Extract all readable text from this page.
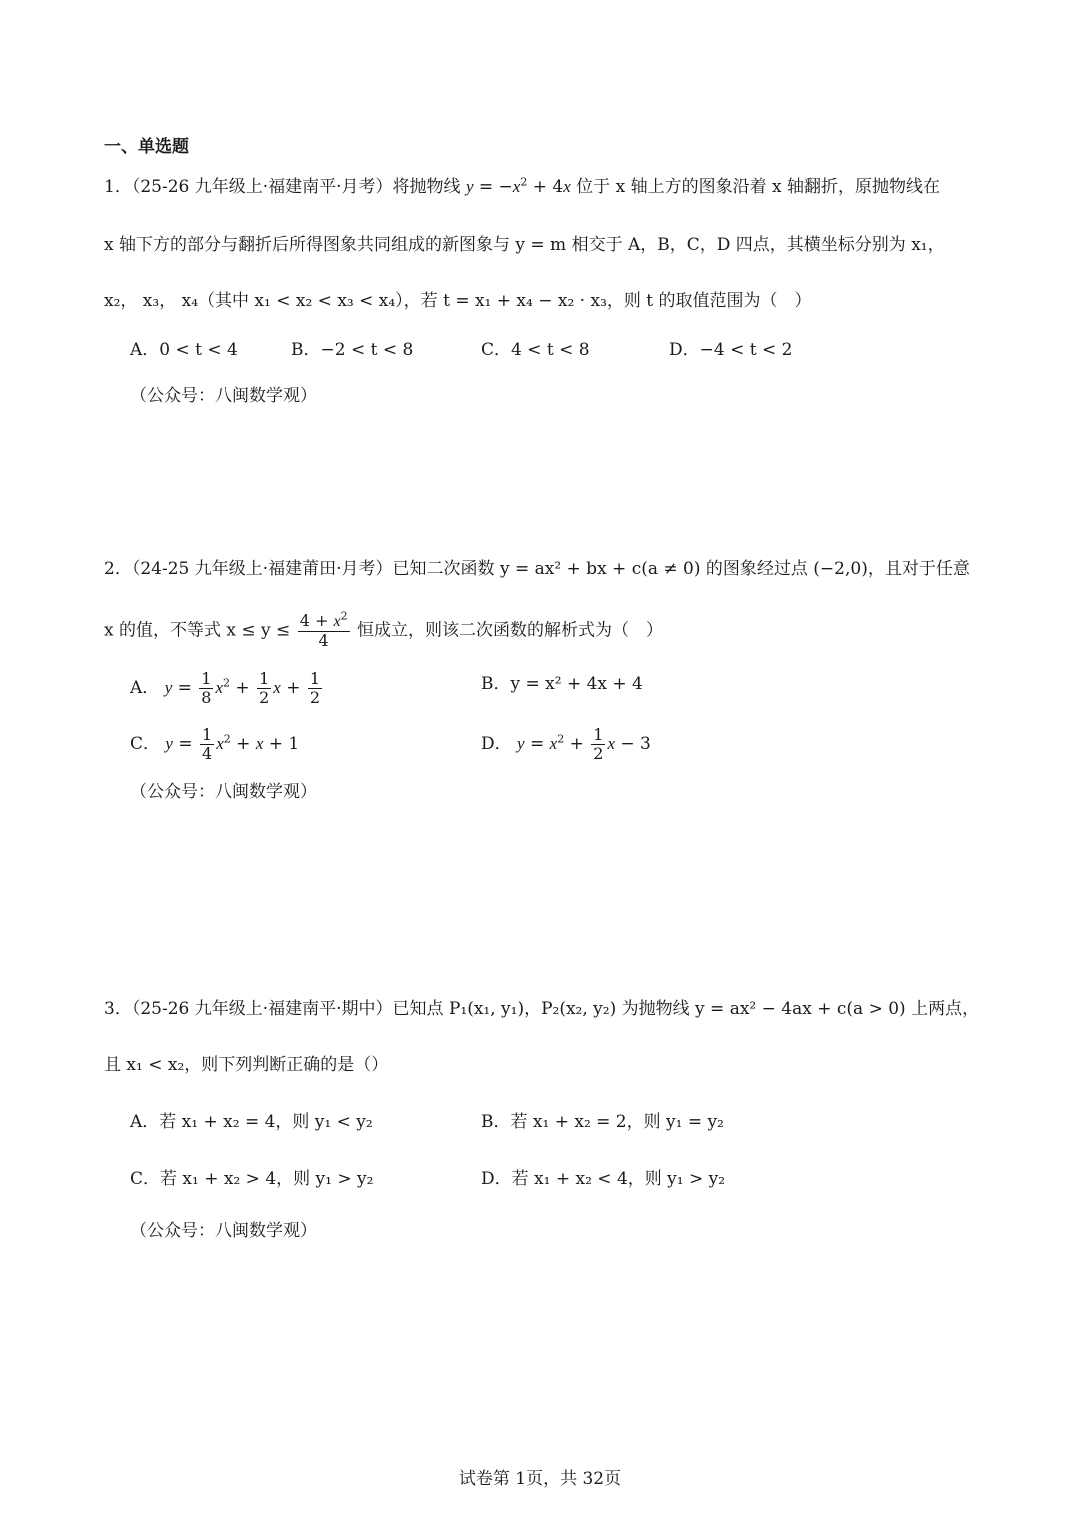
一、单选题
1．（25-26 九年级上·福建南平·月考）将抛物线 $y = -x^2 + 4x$ 位于 x 轴上方的图象沿着 x 轴翻折，原抛物线在
x 轴下方的部分与翻折后所得图象共同组成的新图象与 y = m 相交于 A，B，C，D 四点，其横坐标分别为 x₁，
x₂， x₃， x₄（其中 x₁ < x₂ < x₃ < x₄），若 t = x₁ + x₄ − x₂ · x₃，则 t 的取值范围为（　）
A．0 < t < 4	B．−2 < t < 8	C．4 < t < 8	D．−4 < t < 2
（公众号：八闽数学观）
2．（24-25 九年级上·福建莆田·月考）已知二次函数 y = ax² + bx + c(a ≠ 0) 的图象经过点 (−2,0)，且对于任意
x 的值，不等式 $x \le y \le \frac{4 + x^2}{4}$ 恒成立，则该二次函数的解析式为（　）
A． $y = \frac{1}{8} x^2 + \frac{1}{2}$ $x + \frac{1}{2}$	B．y = x² + 4x + 4
C． $y = \frac{1}{4} x^2 + x + 1$	D． $y = x^2 + \frac{1}{2}$ x − 3
（公众号：八闽数学观）
3．（25-26 九年级上·福建南平·期中）已知点 P₁(x₁, y₁)，P₂(x₂, y₂) 为抛物线 y = ax² − 4ax + c(a > 0) 上两点，
且 x₁ < x₂，则下列判断正确的是（）
A．若 x₁ + x₂ = 4，则 y₁ < y₂	B．若 x₁ + x₂ = 2，则 y₁ = y₂
C．若 x₁ + x₂ > 4，则 y₁ > y₂	D．若 x₁ + x₂ < 4，则 y₁ > y₂
（公众号：八闽数学观）
试卷第 1页，共 32页
